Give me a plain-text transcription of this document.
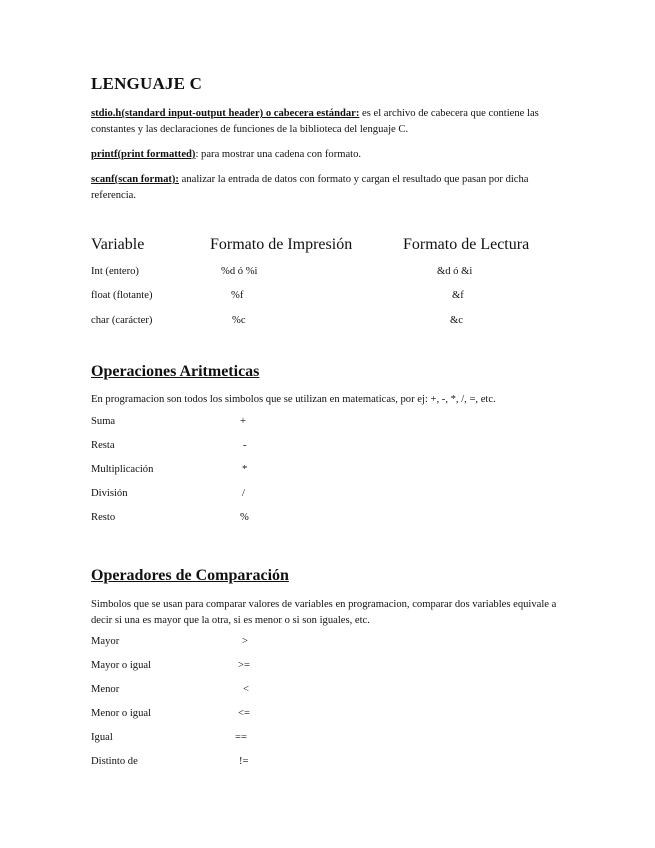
LENGUAJE C

stdio.h(standard input-output header) o cabecera estándar: es el archivo de cabecera que contiene las constantes y las declaraciones de funciones de la biblioteca del lenguaje C.

printf(print formatted): para mostrar una cadena con formato.

scanf(scan format): analizar la entrada de datos con formato y cargan el resultado que pasan por dicha referencia.

Variable	Formato de Impresión	Formato de Lectura
Int (entero)	%d ó %i	&d ó &i
float (flotante)	%f	&f
char (carácter)	%c	&c
Operaciones Aritmeticas

En programacion son todos los simbolos que se utilizan en matematicas, por ej: +, -, *, /, =, etc.

Suma	+
Resta	-
Multiplicación	*
División	/
Resto	%
Operadores de Comparación

Simbolos que se usan para comparar valores de variables en programacion, comparar dos variables equivale a decir si una es mayor que la otra, si es menor o si son iguales, etc.

Mayor	>
Mayor o igual	>=
Menor	<
Menor o igual	<=
Igual	==
Distinto de	!=
